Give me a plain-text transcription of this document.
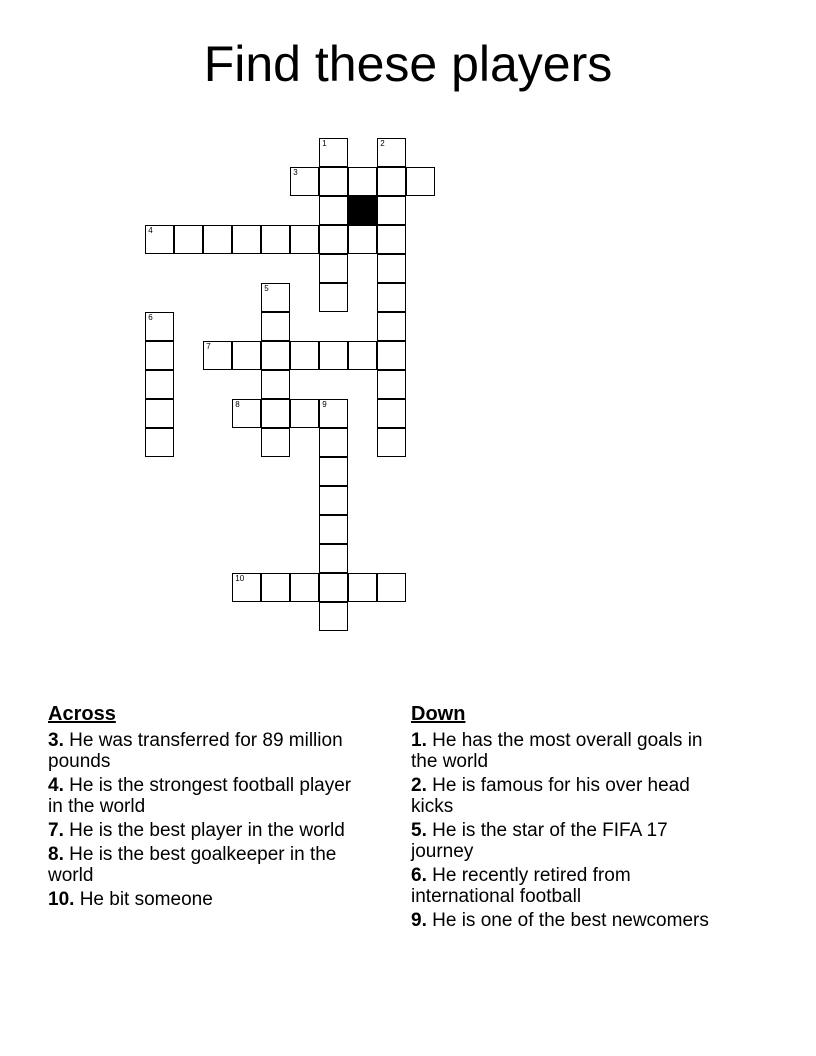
Find these players
1	2
3
4
5
6
7
8	9
10
Across
3. He was transferred for 89 million pounds
4. He is the strongest football player in the world
7. He is the best player in the world
8. He is the best goalkeeper in the world
10. He bit someone
Down
1. He has the most overall goals in the world
2. He is famous for his over head kicks
5. He is the star of the FIFA 17 journey
6. He recently retired from international football
9. He is one of the best newcomers
